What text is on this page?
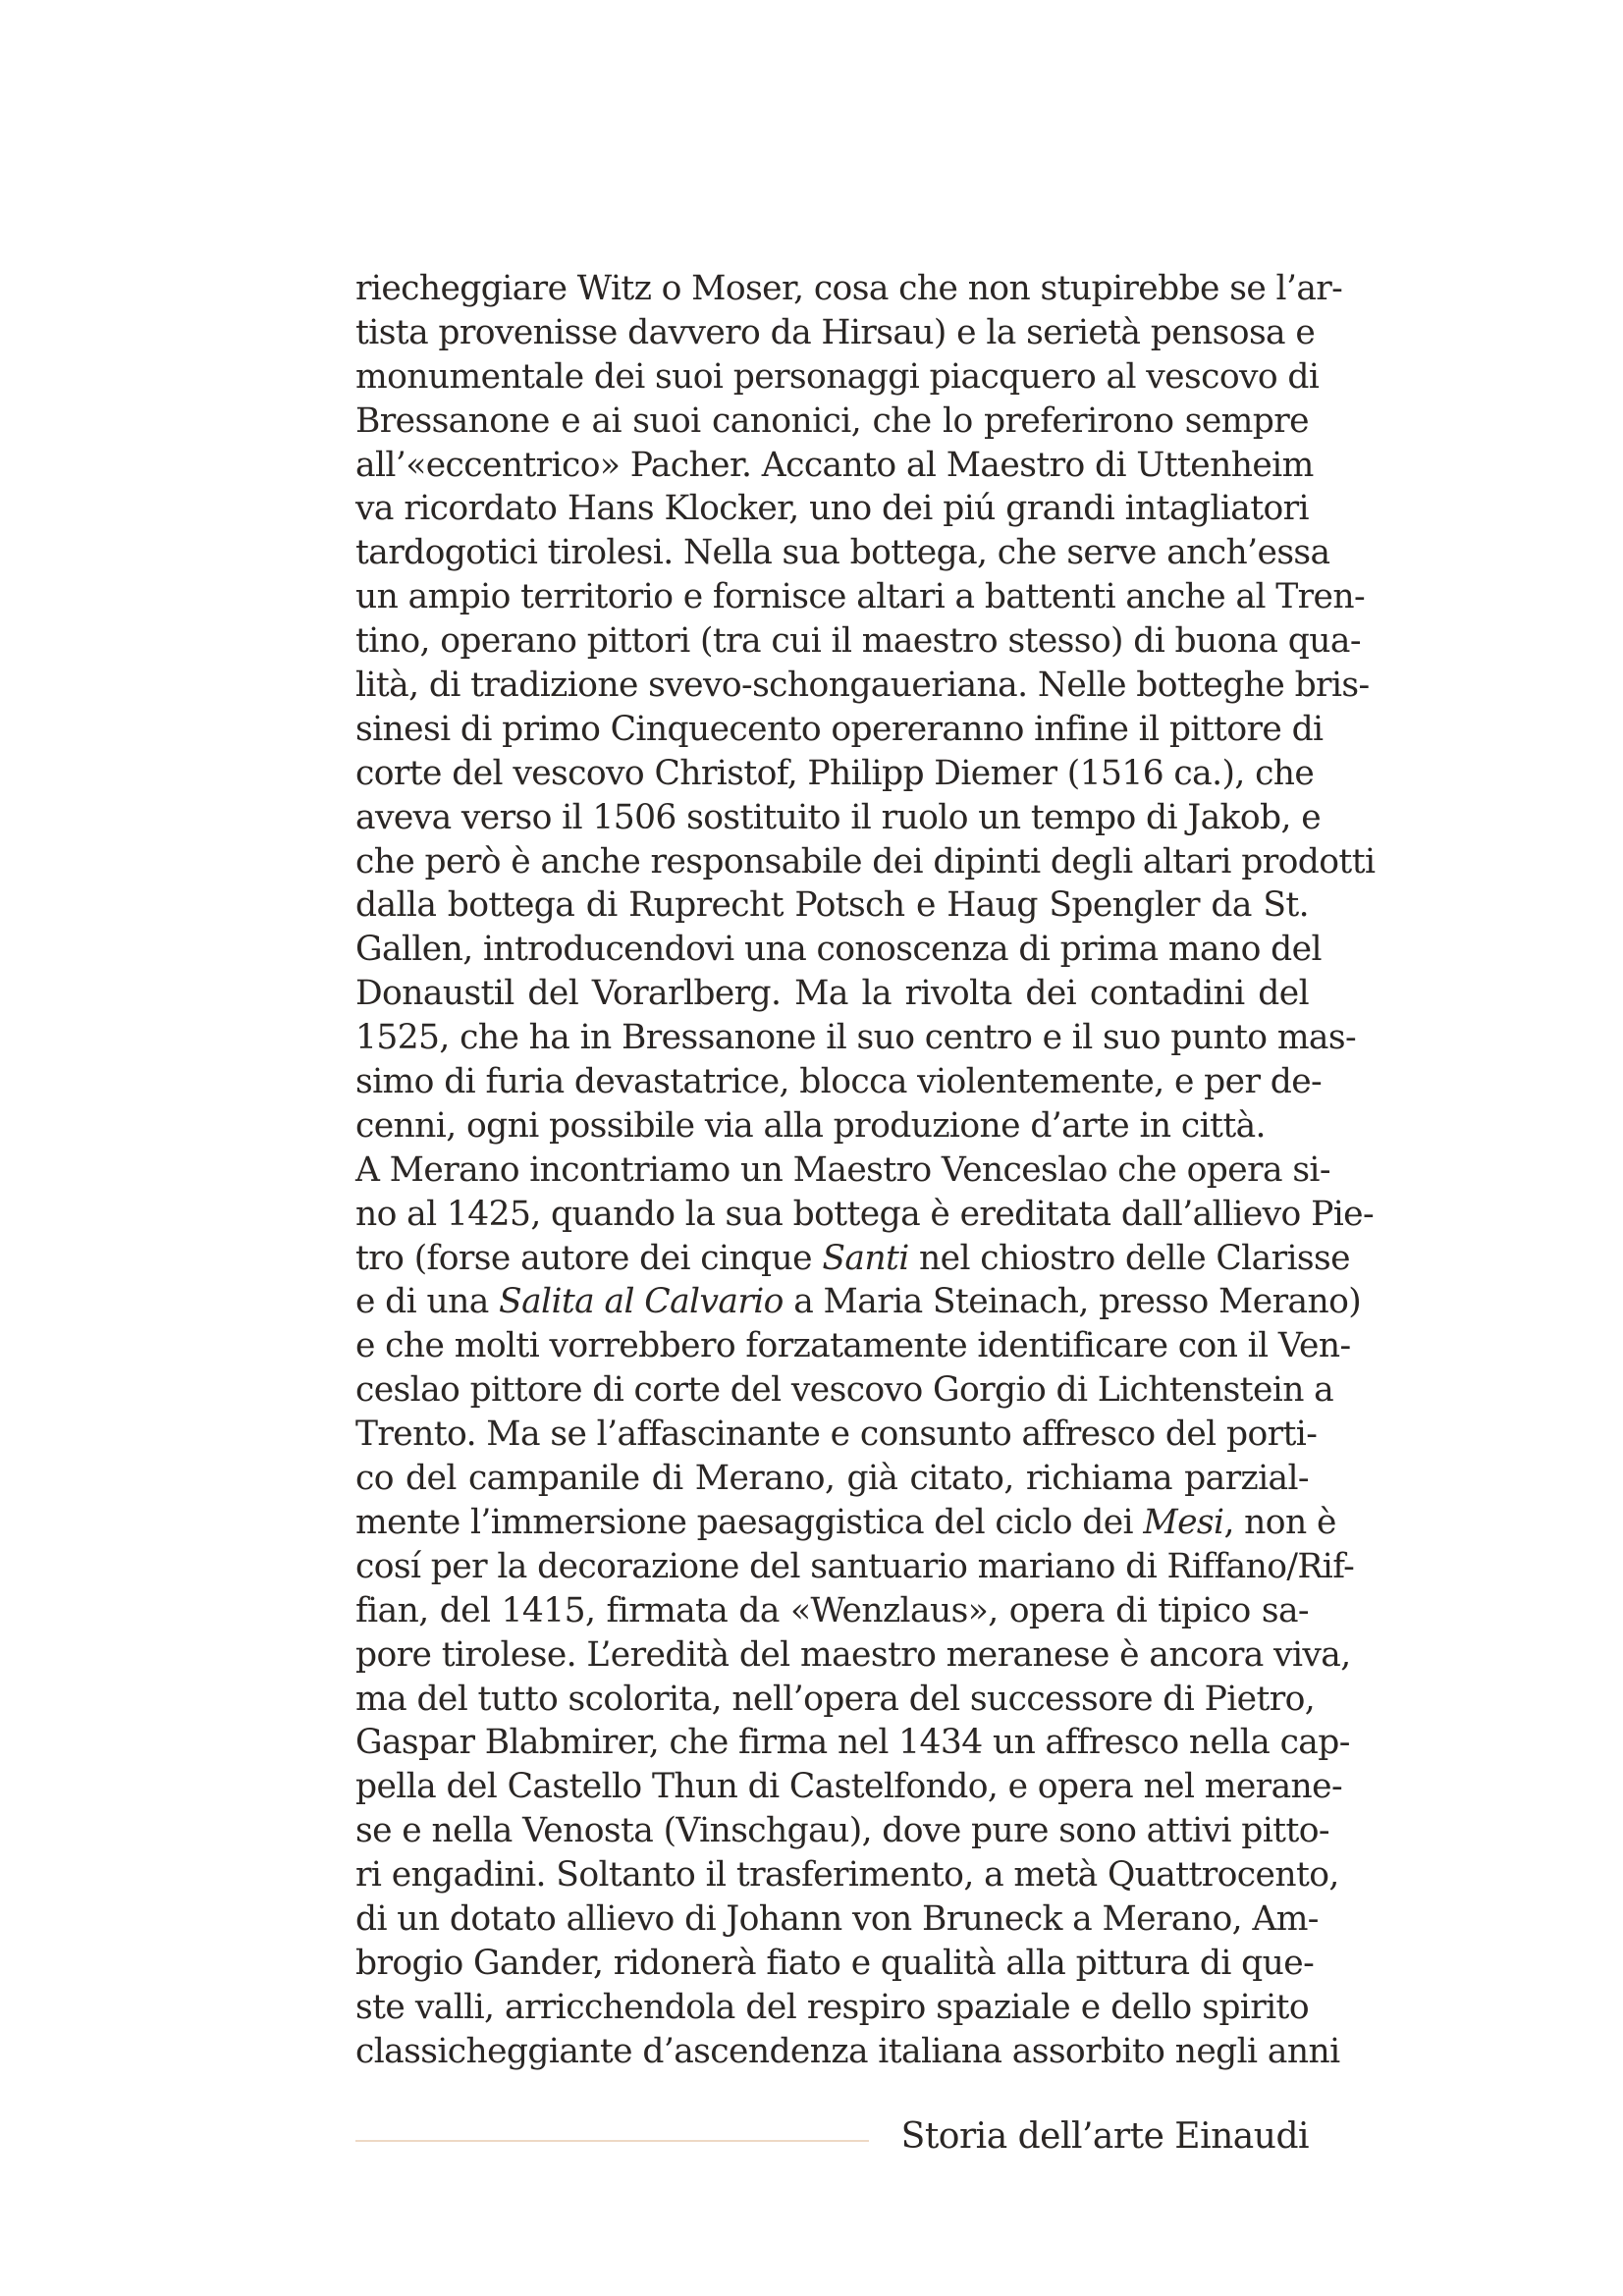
riecheggiare Witz o Moser, cosa che non stupirebbe se l’ar-
tista provenisse davvero da Hirsau) e la serietà pensosa e
monumentale dei suoi personaggi piacquero al vescovo di
Bressanone e ai suoi canonici, che lo preferirono sempre
all’«eccentrico» Pacher. Accanto al Maestro di Uttenheim
va ricordato Hans Klocker, uno dei piú grandi intagliatori
tardogotici tirolesi. Nella sua bottega, che serve anch’essa
un ampio territorio e fornisce altari a battenti anche al Tren-
tino, operano pittori (tra cui il maestro stesso) di buona qua-
lità, di tradizione svevo-schongaueriana. Nelle botteghe bris-
sinesi di primo Cinquecento opereranno infine il pittore di
corte del vescovo Christof, Philipp Diemer (1516 ca.), che
aveva verso il 1506 sostituito il ruolo un tempo di Jakob, e
che però è anche responsabile dei dipinti degli altari prodotti
dalla bottega di Ruprecht Potsch e Haug Spengler da St.
Gallen, introducendovi una conoscenza di prima mano del
Donaustil del Vorarlberg. Ma la rivolta dei contadini del
1525, che ha in Bressanone il suo centro e il suo punto mas-
simo di furia devastatrice, blocca violentemente, e per de-
cenni, ogni possibile via alla produzione d’arte in città.
A Merano incontriamo un Maestro Venceslao che opera si-
no al 1425, quando la sua bottega è ereditata dall’allievo Pie-
tro (forse autore dei cinque Santi nel chiostro delle Clarisse
e di una Salita al Calvario a Maria Steinach, presso Merano)
e che molti vorrebbero forzatamente identificare con il Ven-
ceslao pittore di corte del vescovo Gorgio di Lichtenstein a
Trento. Ma se l’affascinante e consunto affresco del porti-
co del campanile di Merano, già citato, richiama parzial-
mente l’immersione paesaggistica del ciclo dei Mesi, non è
cosí per la decorazione del santuario mariano di Riffano/Rif-
fian, del 1415, firmata da «Wenzlaus», opera di tipico sa-
pore tirolese. L’eredità del maestro meranese è ancora viva,
ma del tutto scolorita, nell’opera del successore di Pietro,
Gaspar Blabmirer, che firma nel 1434 un affresco nella cap-
pella del Castello Thun di Castelfondo, e opera nel merane-
se e nella Venosta (Vinschgau), dove pure sono attivi pitto-
ri engadini. Soltanto il trasferimento, a metà Quattrocento,
di un dotato allievo di Johann von Bruneck a Merano, Am-
brogio Gander, ridonerà fiato e qualità alla pittura di que-
ste valli, arricchendola del respiro spaziale e dello spirito
classicheggiante d’ascendenza italiana assorbito negli anni
Storia dell’arte Einaudi
